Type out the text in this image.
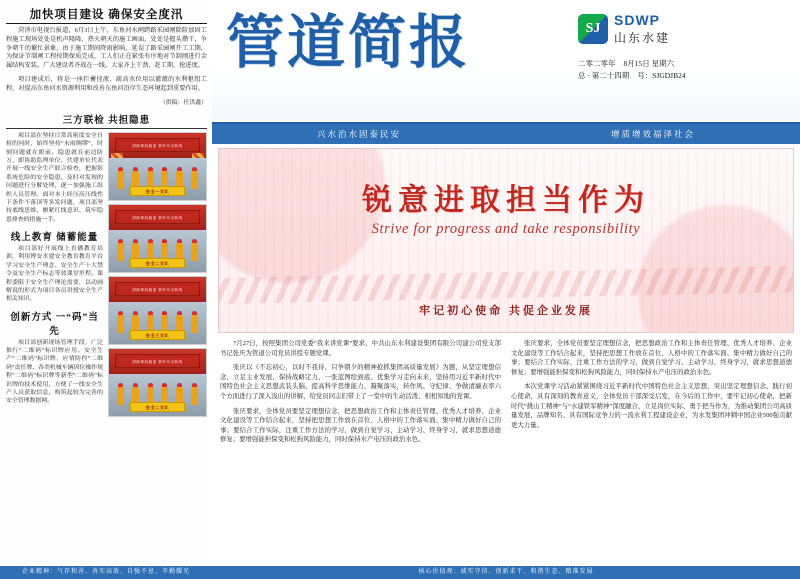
加快项目建设 确保安全度汛

菏泽市电视台报道，6月3日上午，东鱼河水闸跨路采园闸除险加固工程施工现场处处是机声隆隆、热火朝天的施工画面，处处是握头攒干，争争朝干的繁忙景象。由于施工期间降雨影响，延误了路采园闸开工工期，为保证节制闸工程按期保质完成，工人们正在紧张有序地对节制闸进行金属结构安装。广大建设者齐战在一线。大家齐上干劲，赶工期、抢进度。

项目建成后，将是一座拦蓄径流、疏高水位用以灌溉的水利枢纽工程，对提高东鱼河水资源利用和改善东鱼河沿岸生态环境起到重要作用。

（供稿：任洪鑫）

三方联检 共担隐患

项目部在坚持日常高密度安全自检的同时，始终坚持“未雨绸缪”，时刻问题就在眼前。隐患就在前边防万，即协助监理单位、代建单位代表开展一线安全生产联合检查，把握影系统危险的安全隐患，及时对发现的问题进行分解处理，逐一加强施工组织人员管理。面对本土经压高压线性下条件不落顶等多发问题，项目部坚持底线思维、辦紧红线意识、筑牢隐患排查的措施一手。

线上教育 储蓄能量

项目部好开展线上直播教育培训，利用博安水建安全教育教育平台学习安全生产理念、安全生产十大禁令及安全生产标志等效课堂里程。课程委限于安全生产理论需要，以动画解说的形式为项目各员讲授安全生产相关知识。

创新方式 一“码”当先

项目部创新现场管理手段，广泛推行“二维码”标识牌应用。安全生产“二维码”标识牌，应情防控“二维码”责任牌、各类机械车辆因位操作规程“二维码”标识牌等新型“二维码”标识牌的技术使用，方便了一线安全生产人员获取信息，构筑起较为完善的安全管理数据网。

消除事故隐患 筑牢安全防线
安全一支队
消除事故隐患 筑牢安全防线
安全二支队
消除事故隐患 筑牢安全防线
安全三支队
消除事故隐患 筑牢安全防线
安全二支队
企业精神：气存和善、善实高效、自强不息、辛勤耀光
管道简报	SJ
SDWP
山东水建
二零二零年 8月15日 星期六
总 · 第二十四期 号：SJGDJB24
兴水治水固泰民安	增质增效福泽社会
锐意进取担当作为
Strive for progress and take responsibility
牢记初心使命 共促企业发展

7月27日，按照集团公司党委“我来讲党课”要求，中共山东水利建设集团有限公司建公司党支部书记张庆为管道公司党员讲授专题党课。

张庆以《不忘初心，以时不我待、只争朝夕的精神抢抓集团高质量发展》为题，从坚定理想信念、立足主业发展、保持战略定力、一张蓝图绘到底、优集学习走向未来，坚持用习近平新时代中国特色社会主义思想武装头脑、提高科学思维能力、凝聚落实，转作风、守纪律、争做清廉表率六个方面进行了深入浅出的讲解，给党员同志们带上了一堂中的生动活泼、相相知地的党课。

张庆要求，全体党员要坚定理想信念，把思想政治工作和主体责任管理、优秀人才培养、企业文化建设等工作结合起来，坚持把思想工作放在首位、人格中的工作落实面、集中精力做好自己的事；要结合工作实际，注重工作方法的学习，做到自觉学习、主动学习、终身学习，就求思想道德修复；要增强能担保变和松狗风险能力，同时保持水产电压的政治水色。

张庆要求，全体党员要坚定理想信念，把思想政治工作和主体责任管理、优秀人才培养、企业文化建设等工作结合起来，坚持把思想工作放在首位、人格中的工作落实面、集中精力做好自己的事；要结合工作实际，注重工作方法的学习，做到自觉学习、主动学习、终身学习，就求思想道德修复；要增强能担保变和松狗风险能力，同时保持水产电压的政治水色。

本次党课学习活动紧紧围绕习近平新时代中国特色社会主义思想，突出坚定理想信念、践行初心使命，具有深刻的教育意义，全体党员干部深受启发，在今后的工作中，要牢记初心使命，把新时代“挑山工精神”与“水建铁军精神”深度融合，立足岗位实际、勇于把当作为，为推动集团公司高质量发展，品牌知名、具有国际竞争力的一流水利工程建设企业，为水发集团冲刺中国企业500强贡献更大力量。

核心价值观：诚实守信、创新求干、和谐生态、精准发展
